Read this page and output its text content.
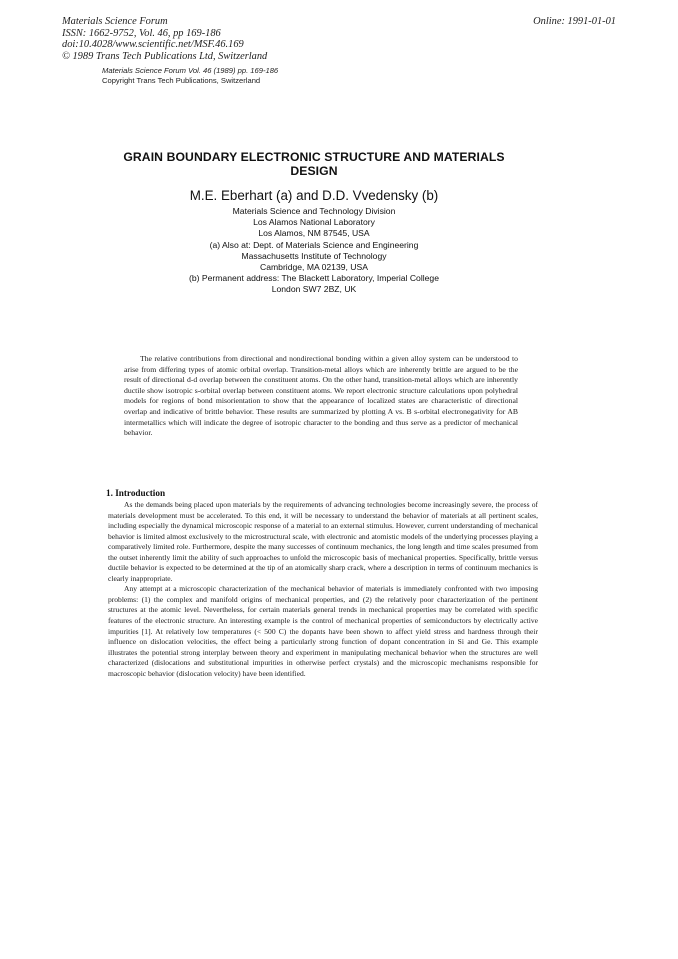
Materials Science Forum
ISSN: 1662-9752, Vol. 46, pp 169-186
doi:10.4028/www.scientific.net/MSF.46.169
© 1989 Trans Tech Publications Ltd, Switzerland
Online: 1991-01-01
Materials Science Forum Vol. 46 (1989) pp. 169-186
Copyright Trans Tech Publications, Switzerland
GRAIN BOUNDARY ELECTRONIC STRUCTURE AND MATERIALS
DESIGN
M.E. Eberhart (a) and D.D. Vvedensky (b)
Materials Science and Technology Division
Los Alamos National Laboratory
Los Alamos, NM 87545, USA
(a) Also at: Dept. of Materials Science and Engineering
Massachusetts Institute of Technology
Cambridge, MA 02139, USA
(b) Permanent address: The Blackett Laboratory, Imperial College
London SW7 2BZ, UK

The relative contributions from directional and nondirectional bonding within a given alloy system can be understood to arise from differing types of atomic orbital overlap. Transition-metal alloys which are inherently brittle are argued to be the result of directional d-d overlap between the constituent atoms. On the other hand, transition-metal alloys which are inherently ductile show isotropic s-orbital overlap between constituent atoms. We report electronic structure calculations upon polyhedral models for regions of bond misorientation to show that the appearance of localized states are characteristic of directional overlap and indicative of brittle behavior. These results are summarized by plotting A vs. B s-orbital electronegativity for AB intermetallics which will indicate the degree of isotropic character to the bonding and thus serve as a predictor of mechanical behavior.

1. Introduction

As the demands being placed upon materials by the requirements of advancing technologies become increasingly severe, the process of materials development must be accelerated. To this end, it will be necessary to understand the behavior of materials at all pertinent scales, including especially the dynamical microscopic response of a material to an external stimulus. However, current understanding of mechanical behavior is limited almost exclusively to the microstructural scale, with electronic and atomistic models of the underlying processes playing a comparatively limited role. Furthermore, despite the many successes of continuum mechanics, the long length and time scales presumed from the outset inherently limit the ability of such approaches to unfold the microscopic basis of mechanical properties. Specifically, brittle versus ductile behavior is expected to be determined at the tip of an atomically sharp crack, where a description in terms of continuum mechanics is clearly inappropriate.

Any attempt at a microscopic characterization of the mechanical behavior of materials is immediately confronted with two imposing problems: (1) the complex and manifold origins of mechanical properties, and (2) the relatively poor characterization of the pertinent structures at the atomic level. Nevertheless, for certain materials general trends in mechanical properties may be correlated with specific features of the electronic structure. An interesting example is the control of mechanical properties of semiconductors by electrically active impurities [1]. At relatively low temperatures (< 500 C) the dopants have been shown to affect yield stress and hardness through their influence on dislocation velocities, the effect being a particularly strong function of dopant concentration in Si and Ge. This example illustrates the potential strong interplay between theory and experiment in manipulating mechanical behavior when the structures are well characterized (dislocations and substitutional impurities in otherwise perfect crystals) and the microscopic mechanisms responsible for macroscopic behavior (dislocation velocity) have been identified.
